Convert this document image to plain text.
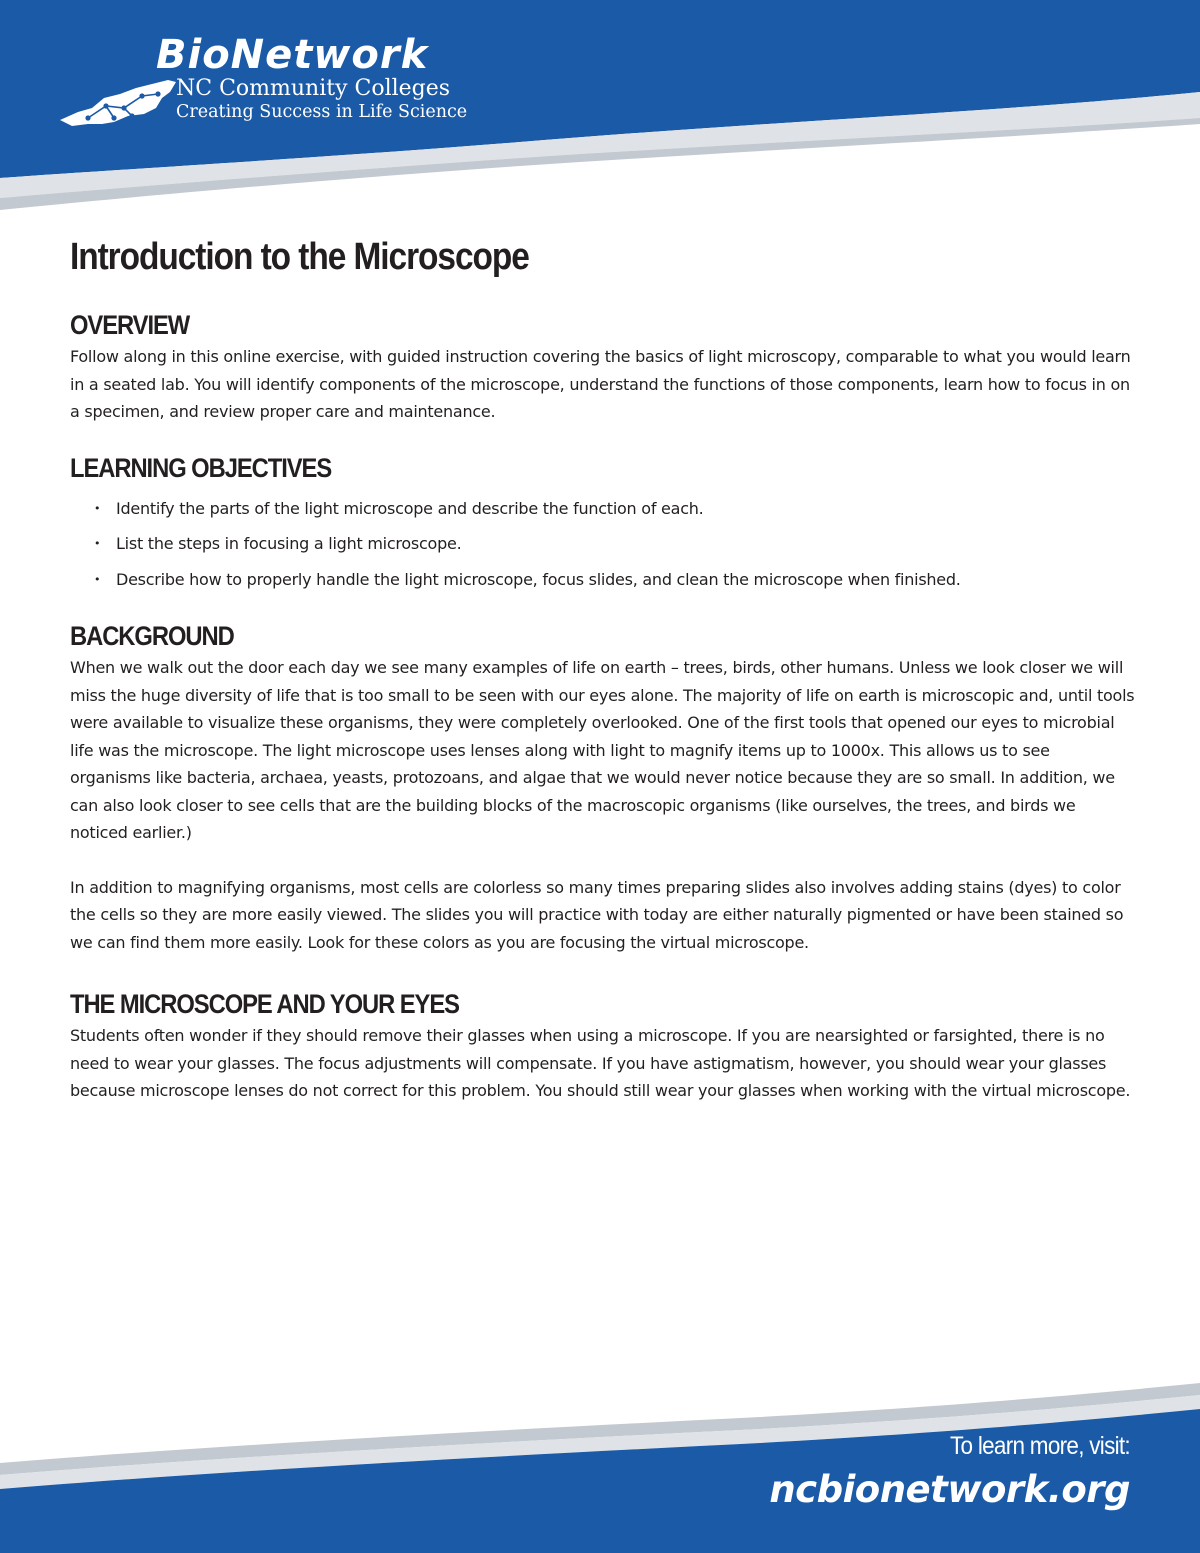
BioNetwork
NC Community Colleges
Creating Success in Life Science
Introduction to the Microscope
OVERVIEW

Follow along in this online exercise, with guided instruction covering the basics of light microscopy, comparable to what you would learn in a seated lab. You will identify components of the microscope, understand the functions of those components, learn how to focus in on a specimen, and review proper care and maintenance.

LEARNING OBJECTIVES
• Identify the parts of the light microscope and describe the function of each.
• List the steps in focusing a light microscope.
• Describe how to properly handle the light microscope, focus slides, and clean the microscope when finished.
BACKGROUND

When we walk out the door each day we see many examples of life on earth – trees, birds, other humans. Unless we look closer we will miss the huge diversity of life that is too small to be seen with our eyes alone. The majority of life on earth is microscopic and, until tools were available to visualize these organisms, they were completely overlooked. One of the first tools that opened our eyes to microbial life was the microscope. The light microscope uses lenses along with light to magnify items up to 1000x. This allows us to see organisms like bacteria, archaea, yeasts, protozoans, and algae that we would never notice because they are so small. In addition, we can also look closer to see cells that are the building blocks of the macroscopic organisms (like ourselves, the trees, and birds we noticed earlier.)

In addition to magnifying organisms, most cells are colorless so many times preparing slides also involves adding stains (dyes) to color the cells so they are more easily viewed. The slides you will practice with today are either naturally pigmented or have been stained so we can find them more easily. Look for these colors as you are focusing the virtual microscope.

THE MICROSCOPE AND YOUR EYES

Students often wonder if they should remove their glasses when using a microscope. If you are nearsighted or farsighted, there is no need to wear your glasses. The focus adjustments will compensate. If you have astigmatism, however, you should wear your glasses because microscope lenses do not correct for this problem. You should still wear your glasses when working with the virtual microscope.

To learn more, visit:
ncbionetwork.org
